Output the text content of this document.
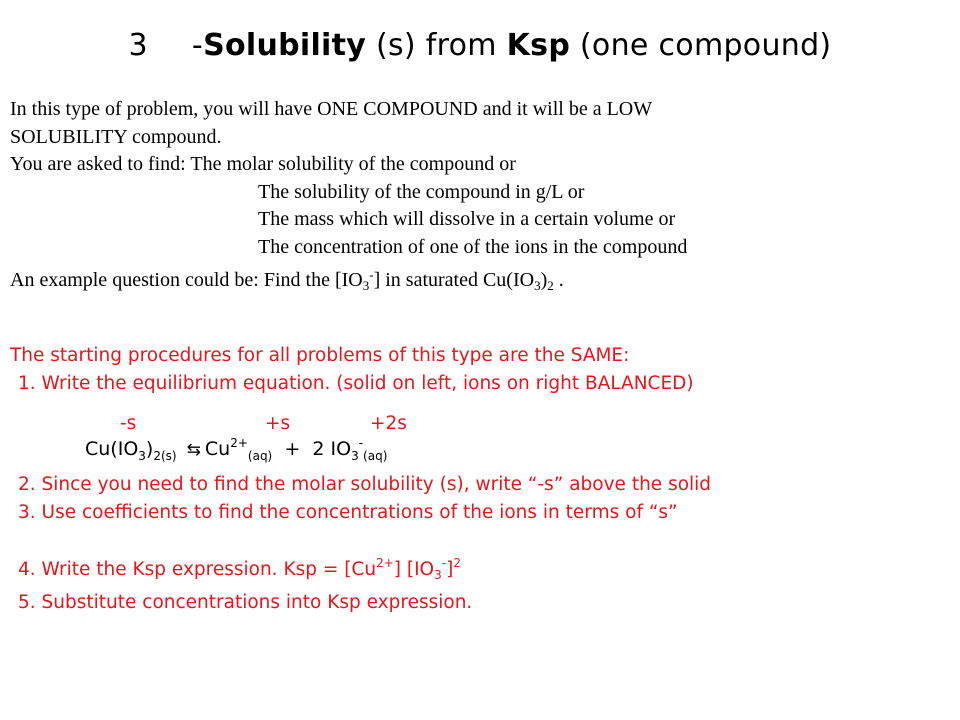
3 -Solubility (s) from Ksp (one compound)
In this type of problem, you will have ONE COMPOUND and it will be a LOW
SOLUBILITY compound.
You are asked to find: The molar solubility of the compound or
The solubility of the compound in g/L or
The mass which will dissolve in a certain volume or
The concentration of one of the ions in the compound
An example question could be: Find the $[IO_3^-]$ in saturated $Cu(IO_3)_2$ .
The starting procedures for all problems of this type are the SAME:
1. Write the equilibrium equation. (solid on left, ions on right BALANCED)
-s	+s	+2s
$Cu(IO_3)_{2(s)}$ ⇆ $Cu^{2+}_{(aq)} + 2$ $IO_3^-_{(aq)}$
2. Since you need to find the molar solubility (s), write “-s” above the solid
3. Use coefficients to find the concentrations of the ions in terms of “s”
4. Write the Ksp expression. Ksp = $[Cu^{2+}]$ $[IO_3^-]^2$
5. Substitute concentrations into Ksp expression.
